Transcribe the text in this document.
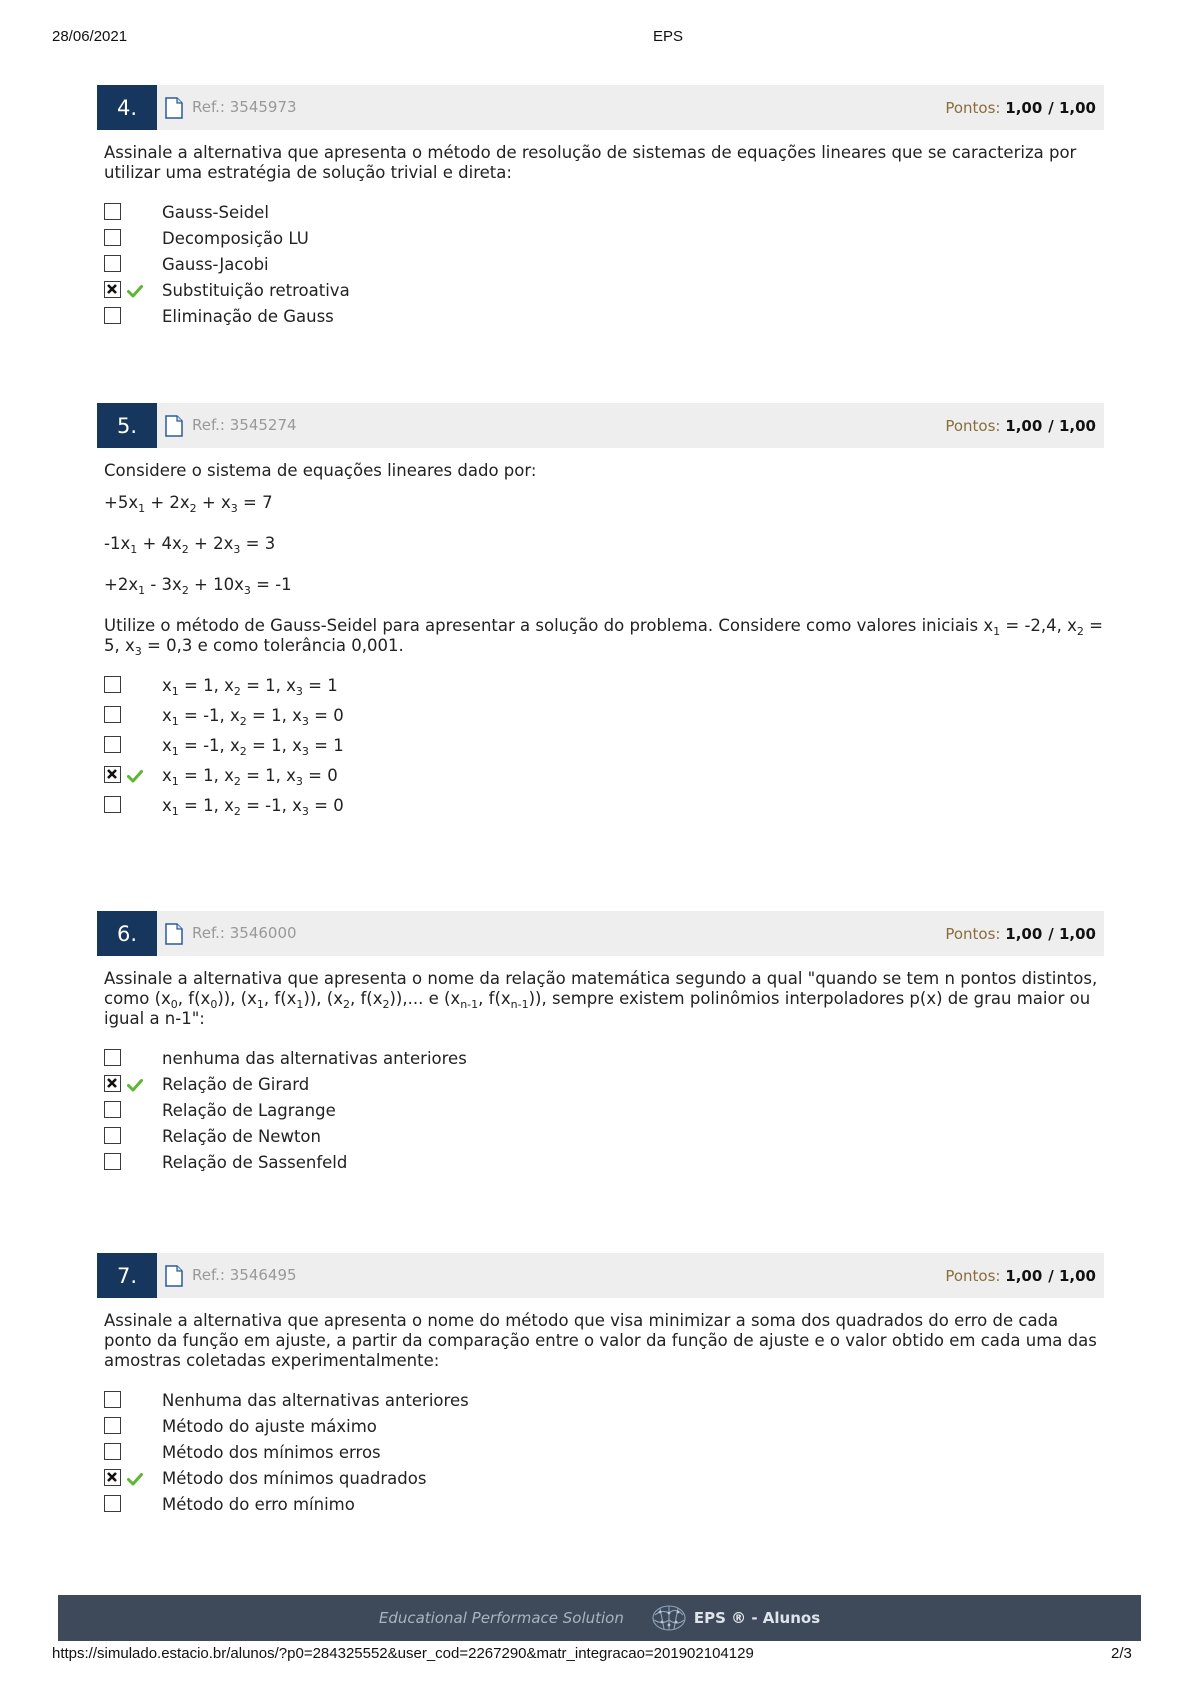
28/06/2021	EPS
4.	Ref.: 3545973	Pontos: 1,00 / 1,00

Assinale a alternativa que apresenta o método de resolução de sistemas de equações lineares que se caracteriza por utilizar uma estratégia de solução trivial e direta:

Gauss-Seidel
Decomposição LU
Gauss-Jacobi
Substituição retroativa
Eliminação de Gauss
5.	Ref.: 3545274	Pontos: 1,00 / 1,00

Considere o sistema de equações lineares dado por:

$+5x_1 + 2x_2 + x_3 = 7$

$-1x_1 + 4x_2 + 2x_3 = 3$

$+2x_1 - 3x_2 + 10x_3 = -1$

Utilize o método de Gauss-Seidel para apresentar a solução do problema. Considere como valores iniciais $x_1 = -2,4$, $x_2 = 5$, $x_3 = 0,3$ e como tolerância 0,001.

$x_1 = 1$, $x_2 = 1$, $x_3 = 1$
$x_1 = -1$, $x_2 = 1$, $x_3 = 0$
$x_1 = -1$, $x_2 = 1$, $x_3 = 1$
$x_1 = 1$, $x_2 = 1$, $x_3 = 0$
$x_1 = 1$, $x_2 = -1$, $x_3 = 0$
6.	Ref.: 3546000	Pontos: 1,00 / 1,00

Assinale a alternativa que apresenta o nome da relação matemática segundo a qual "quando se tem n pontos distintos, como ($x_0$, $f(x_0)$), ($x_1$, $f(x_1)$), ($x_2$, $f(x_2)$),... e ($x_{n-1}$, $f(x_{n-1})$), sempre existem polinômios interpoladores p(x) de grau maior ou igual a n-1":

nenhuma das alternativas anteriores
Relação de Girard
Relação de Lagrange
Relação de Newton
Relação de Sassenfeld
7.	Ref.: 3546495	Pontos: 1,00 / 1,00

Assinale a alternativa que apresenta o nome do método que visa minimizar a soma dos quadrados do erro de cada ponto da função em ajuste, a partir da comparação entre o valor da função de ajuste e o valor obtido em cada uma das amostras coletadas experimentalmente:

Nenhuma das alternativas anteriores
Método do ajuste máximo
Método dos mínimos erros
Método dos mínimos quadrados
Método do erro mínimo
Educational Performace Solution	EPS ® - Alunos
https://simulado.estacio.br/alunos/?p0=284325552&user_cod=2267290&matr_integracao=201902104129	2/3
